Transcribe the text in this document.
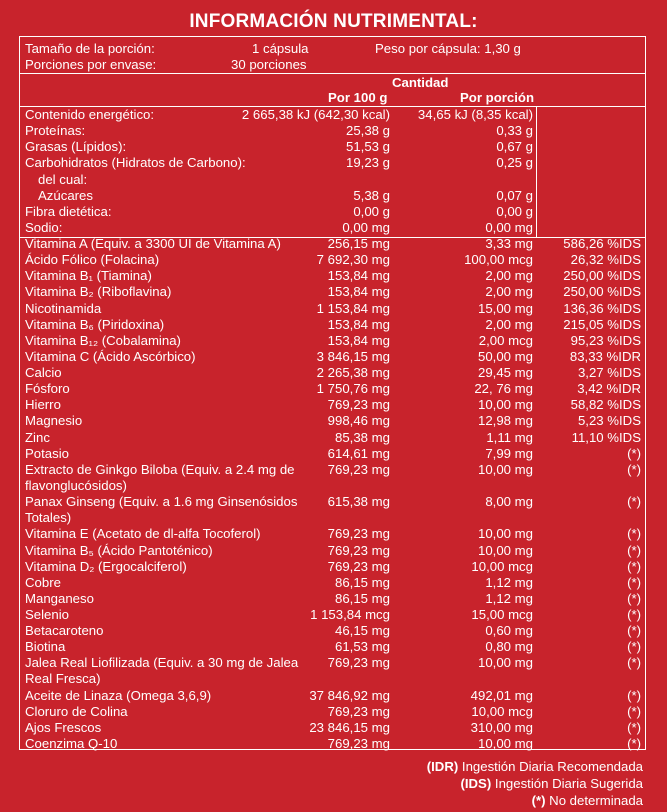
INFORMACIÓN NUTRIMENTAL:
Tamaño de la porción:	1 cápsula	Peso por cápsula: 1,30 g
Porciones por envase:	30 porciones
Cantidad
Por 100 g	Por porción
Contenido energético:	2 665,38 kJ (642,30 kcal) 34,65 kJ (8,35 kcal)
Proteínas:	25,38 g	0,33 g
Grasas (Lípidos):	51,53 g	0,67 g
Carbohidratos (Hidratos de Carbono):	19,23 g	0,25 g
del cual:
Azúcares	5,38 g	0,07 g
Fibra dietética:	0,00 g	0,00 g
Sodio:	0,00 mg	0,00 mg
Vitamina A (Equiv. a 3300 UI de Vitamina A)	256,15 mg	3,33 mg 586,26 %IDS
Ácido Fólico (Folacina)	7 692,30 mg	100,00 mcg	26,32 %IDS
Vitamina B₁ (Tiamina)	153,84 mg	2,00 mg 250,00 %IDS
Vitamina B₂ (Riboflavina)	153,84 mg	2,00 mg 250,00 %IDS
Nicotinamida	1 153,84 mg	15,00 mg 136,36 %IDS
Vitamina B₆ (Piridoxina)	153,84 mg	2,00 mg 215,05 %IDS
Vitamina B₁₂ (Cobalamina)	153,84 mg	2,00 mcg	95,23 %IDS
Vitamina C (Ácido Ascórbico)	3 846,15 mg	50,00 mg	83,33 %IDR
Calcio	2 265,38 mg	29,45 mg	3,27 %IDS
Fósforo	1 750,76 mg	22, 76 mg	3,42 %IDR
Hierro	769,23 mg	10,00 mg	58,82 %IDS
Magnesio	998,46 mg	12,98 mg	5,23 %IDS
Zinc	85,38 mg	1,11 mg	11,10 %IDS
Potasio	614,61 mg	7,99 mg	(*)
Extracto de Ginkgo Biloba (Equiv. a 2.4 mg de flavonglucósidos)
769,23 mg	10,00 mg	(*)
Panax Ginseng (Equiv. a 1.6 mg Ginsenósidos Totales)
615,38 mg	8,00 mg	(*)
Vitamina E (Acetato de dl-alfa Tocoferol)	769,23 mg	10,00 mg	(*)
Vitamina B₅ (Ácido Pantoténico)	769,23 mg	10,00 mg	(*)
Vitamina D₂ (Ergocalciferol)	769,23 mg	10,00 mcg	(*)
Cobre	86,15 mg	1,12 mg	(*)
Manganeso	86,15 mg	1,12 mg	(*)
Selenio	1 153,84 mcg	15,00 mcg	(*)
Betacaroteno	46,15 mg	0,60 mg	(*)
Biotina	61,53 mg	0,80 mg	(*)
Jalea Real Liofilizada (Equiv. a 30 mg de Jalea Real Fresca)
769,23 mg	10,00 mg	(*)
Aceite de Linaza (Omega 3,6,9)	37 846,92 mg	492,01 mg	(*)
Cloruro de Colina	769,23 mg	10,00 mcg	(*)
Ajos Frescos	23 846,15 mg	310,00 mg	(*)
Coenzima Q-10	769,23 mg	10,00 mg	(*)
(IDR) Ingestión Diaria Recomendada
(IDS) Ingestión Diaria Sugerida
(*) No determinada
